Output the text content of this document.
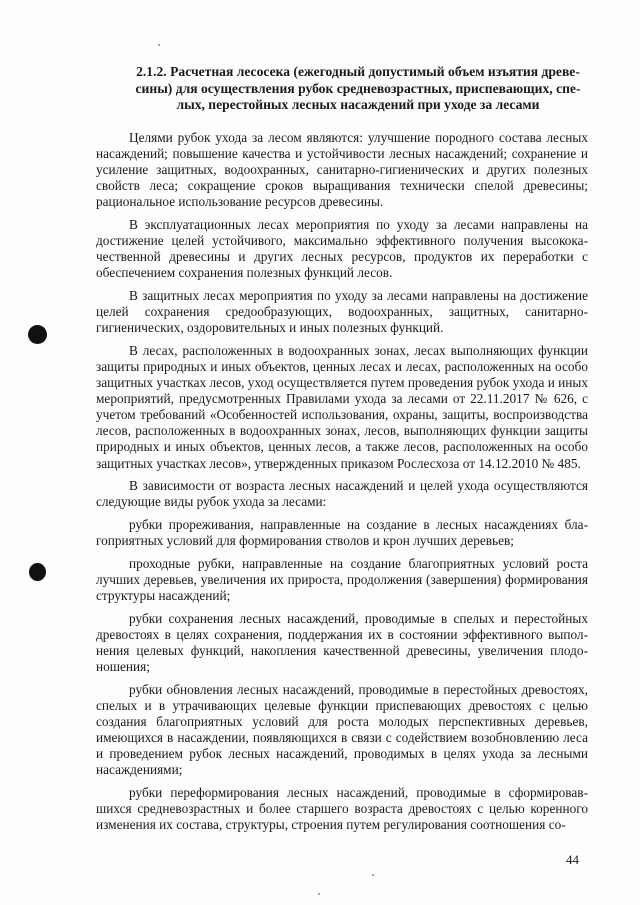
2.1.2. Расчетная лесосека (ежегодный допустимый объем изъятия древе-
сины) для осуществления рубок средневозрастных, приспевающих, спе-
лых, перестойных лесных насаждений при уходе за лесами

Целями рубок ухода за лесом являются: улучшение породного состава лесных насаждений; повышение качества и устойчивости лесных насаждений; сохранение и усиление защитных, водоохранных, санитарно-гигиенических и других полезных свойств леса; сокращение сроков выращивания технически спелой древесины; рациональное использование ресурсов древесины.

В эксплуатационных лесах мероприятия по уходу за лесами направлены на достижение целей устойчивого, максимально эффективного получения высококачественной древесины и других лесных ресурсов, продуктов их переработки с обеспечением сохранения полезных функций лесов.

В защитных лесах мероприятия по уходу за лесами направлены на достижение целей сохранения средообразующих, водоохранных, защитных, санитарно-гигиенических, оздоровительных и иных полезных функций.

В лесах, расположенных в водоохранных зонах, лесах выполняющих функции защиты природных и иных объектов, ценных лесах и лесах, расположенных на особо защитных участках лесов, уход осуществляется путем проведения рубок ухода и иных мероприятий, предусмотренных Правилами ухода за лесами от 22.11.2017 № 626, с учетом требований «Особенностей использования, охраны, защиты, воспроизводства лесов, расположенных в водоохранных зонах, лесов, выполняющих функции защиты природных и иных объектов, ценных лесов, а также лесов, расположенных на особо защитных участках лесов», утвержденных приказом Рослесхоза от 14.12.2010 № 485.

В зависимости от возраста лесных насаждений и целей ухода осуществляются следующие виды рубок ухода за лесами:

рубки прореживания, направленные на создание в лесных насаждениях благоприятных условий для формирования стволов и крон лучших деревьев;

проходные рубки, направленные на создание благоприятных условий роста лучших деревьев, увеличения их прироста, продолжения (завершения) формирования структуры насаждений;

рубки сохранения лесных насаждений, проводимые в спелых и перестойных древостоях в целях сохранения, поддержания их в состоянии эффективного выполнения целевых функций, накопления качественной древесины, увеличения плодоношения;

рубки обновления лесных насаждений, проводимые в перестойных древостоях, спелых и в утрачивающих целевые функции приспевающих древостоях с целью создания благоприятных условий для роста молодых перспективных деревьев, имеющихся в насаждении, появляющихся в связи с содействием возобновлению леса и проведением рубок лесных насаждений, проводимых в целях ухода за лесными насаждениями;

рубки переформирования лесных насаждений, проводимые в сформировавшихся средневозрастных и более старшего возраста древостоях с целью коренного изменения их состава, структуры, строения путем регулирования соотношения со-

44
